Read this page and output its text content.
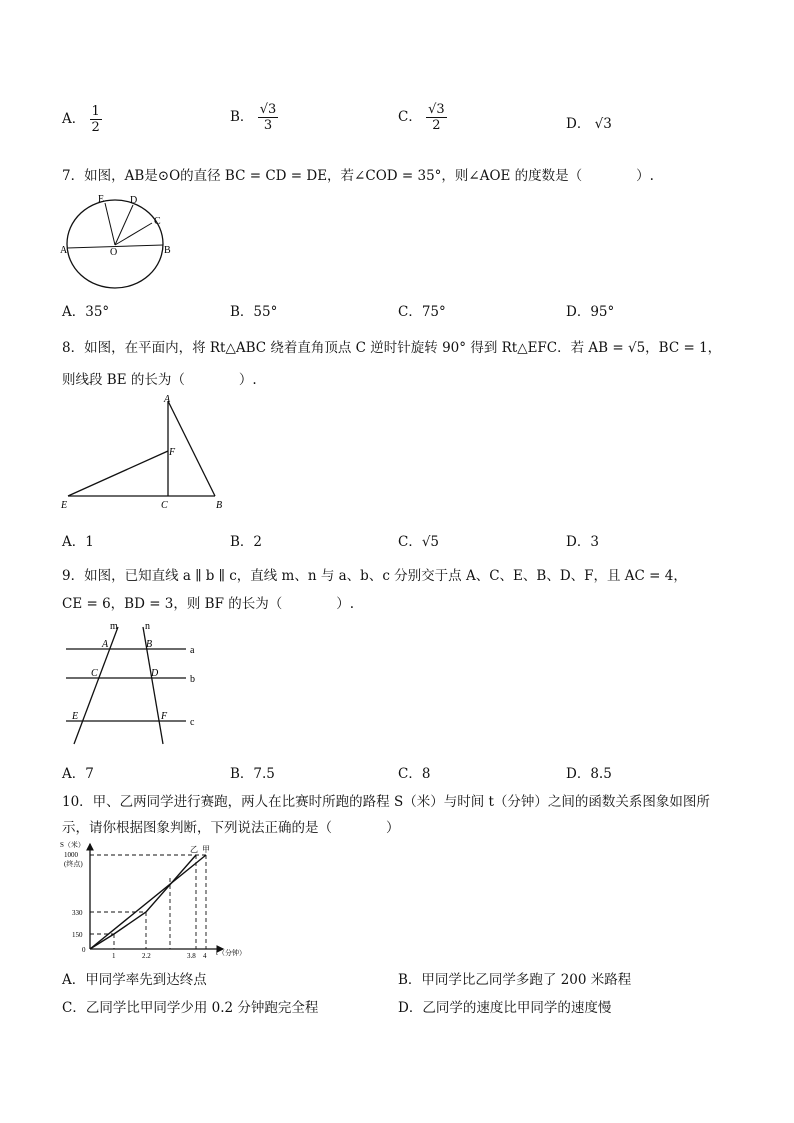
A． $\frac{1}{2}$	B． $\frac{√3}{3}$	C． $\frac{√3}{2}$	D． √3
7．如图，AB是⊙O的直径 BC = CD = DE，若∠COD = 35°，则∠AOE 的度数是（　　　　）.
A	B
C
D
E
O
A．35°	B．55°	C．75°	D．95°
8．如图，在平面内，将 Rt△ABC 绕着直角顶点 C 逆时针旋转 90° 得到 Rt△EFC．若 AB = √5，BC = 1，
则线段 BE 的长为（　　　　）.
A
F
E	C	B
A．1	B．2	C．√5	D．3
9．如图，已知直线 a ∥ b ∥ c，直线 m、n 与 a、b、c 分别交于点 A、C、E、B、D、F，且 AC = 4，
CE = 6，BD = 3，则 BF 的长为（　　　　）.
m	n
a
b
c
A	B
C	D
E	F
A．7	B．7.5	C．8	D．8.5
10．甲、乙两同学进行赛跑，两人在比赛时所跑的路程 S（米）与时间 t（分钟）之间的函数关系图象如图所
示，请你根据图象判断，下列说法正确的是（　　　　）
S（米）
1000
(终点)
330
150
0
1	2.2	3.8 4 t（分钟）
乙 甲
A．甲同学率先到达终点	B．甲同学比乙同学多跑了 200 米路程
C．乙同学比甲同学少用 0.2 分钟跑完全程	D．乙同学的速度比甲同学的速度慢
